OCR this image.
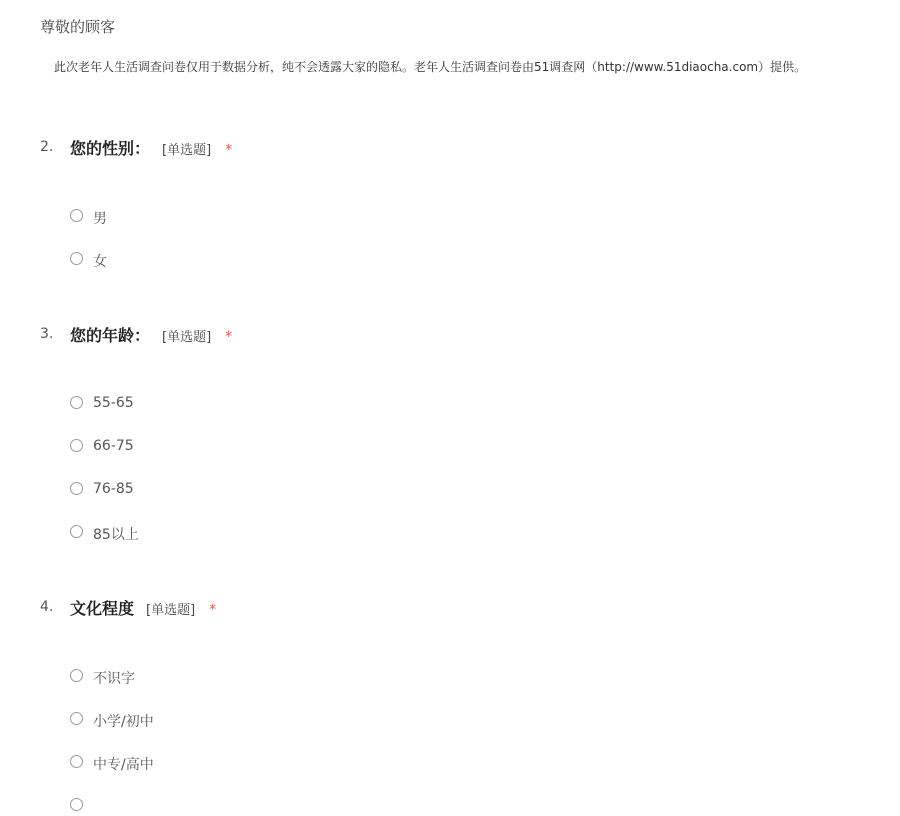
尊敬的顾客
此次老年人生活调查问卷仅用于数据分析，纯不会透露大家的隐私。老年人生活调查问卷由51调查网（http://www.51diaocha.com）提供。
2. 您的性别： [单选题] *
男
女
3. 您的年龄： [单选题] *
55-65
66-75
76-85
85以上
4. 文化程度 [单选题] *
不识字
小学/初中
中专/高中
